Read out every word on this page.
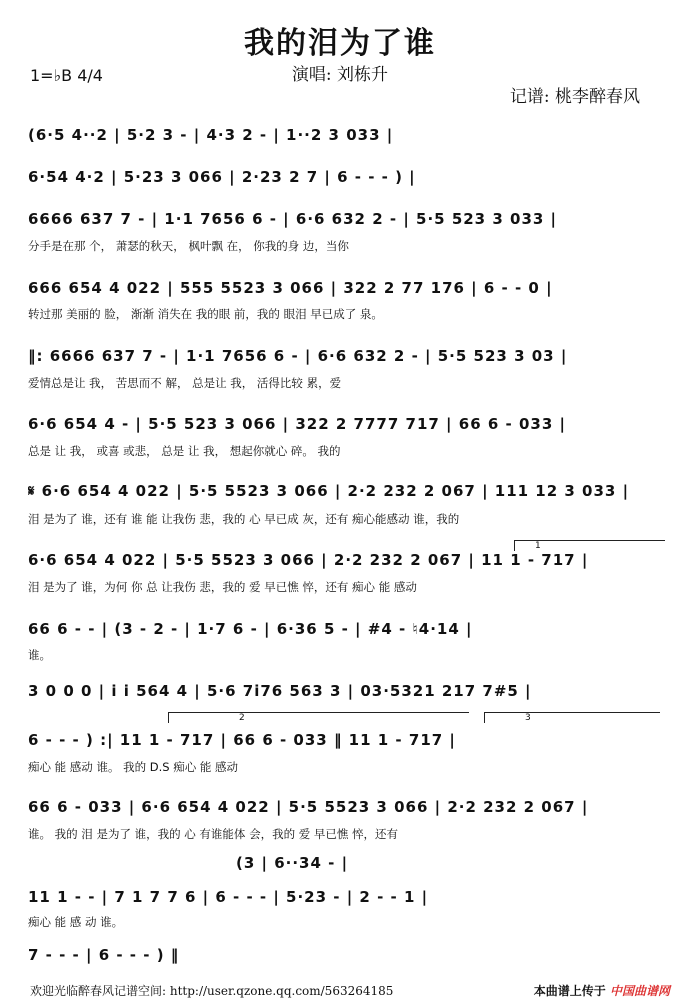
我的泪为了谁
演唱: 刘栋升
1=♭B 4/4
记谱: 桃李醉春风
(6·5 4··2 | 5·2 3 - | 4·3 2 - | 1··2 3 033 |
6·54 4·2 | 5·23 3 066 | 2·23 2 7 | 6 - - - ) |
6666 637 7 - | 1·1 7656 6 - | 6·6 632 2 - | 5·5 523 3 033 |
分手是在那 个， 萧瑟的秋天， 枫叶飘 在， 你我的身 边，当你
666 654 4 022 | 555 5523 3 066 | 322 2 77 176 | 6 - - 0 |
转过那 美丽的 脸， 渐渐 消失在 我的眼 前，我的 眼泪 早已成了 泉。
‖: 6666 637 7 - | 1·1 7656 6 - | 6·6 632 2 - | 5·5 523 3 03 |
爱情总是让 我， 苦思而不 解， 总是让 我， 活得比较 累，爱
6·6 654 4 - | 5·5 523 3 066 | 322 2 7777 717 | 66 6 - 033 |
总是 让 我， 或喜 或悲， 总是 让 我， 想起你就心 碎。 我的
𝄋 6·6 654 4 022 | 5·5 5523 3 066 | 2·2 232 2 067 | 111 12 3 033 |
泪 是为了 谁，还有 谁 能 让我伤 悲，我的 心 早已成 灰，还有 痴心能感动 谁，我的
1
6·6 654 4 022 | 5·5 5523 3 066 | 2·2 232 2 067 | 11 1 - 717 |
泪 是为了 谁，为何 你 总 让我伤 悲，我的 爱 早已憔 悴，还有 痴心 能 感动
66 6 - - | (3 - 2 - | 1·7 6 - | 6·36 5 - | #4 - ♮4·14 |
谁。
3 0 0 0 | i i 564 4 | 5·6 7i76 563 3 | 03·5321 217 7#5 |
2	3
6 - - - ) :| 11 1 - 717 | 66 6 - 033 ‖ 11 1 - 717 |
痴心 能 感动 谁。 我的 D.S 痴心 能 感动
66 6 - 033 | 6·6 654 4 022 | 5·5 5523 3 066 | 2·2 232 2 067 |
谁。 我的 泪 是为了 谁，我的 心 有谁能体 会，我的 爱 早已憔 悴，还有
(3 | 6··34 - |
11 1 - - | 7 1 7 7 6 | 6 - - - | 5·23 - | 2 - - 1 |
痴心 能 感 动 谁。
7 - - - | 6 - - - ) ‖
欢迎光临醉春风记谱空间: http://user.qzone.qq.com/563264185	本曲谱上传于 中国曲谱网
